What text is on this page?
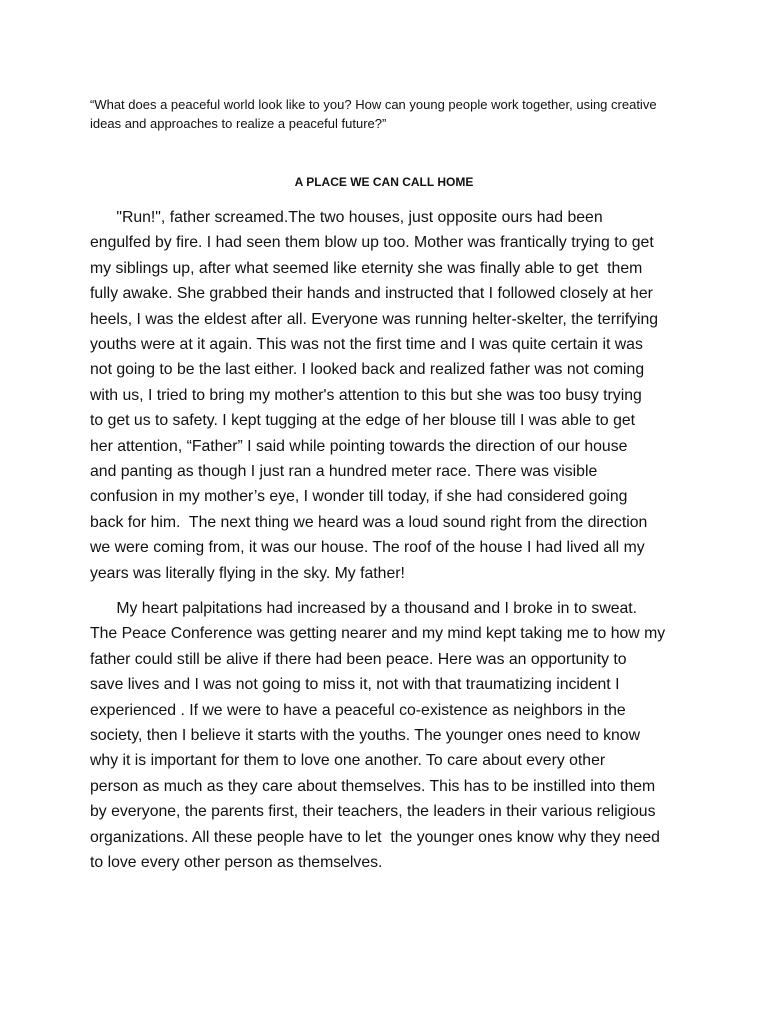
“What does a peaceful world look like to you? How can young people work together, using creative
ideas and approaches to realize a peaceful future?”

A PLACE WE CAN CALL HOME

"Run!", father screamed.The two houses, just opposite ours had been
engulfed by fire. I had seen them blow up too. Mother was frantically trying to get
my siblings up, after what seemed like eternity she was finally able to get  them
fully awake. She grabbed their hands and instructed that I followed closely at her
heels, I was the eldest after all. Everyone was running helter-skelter, the terrifying
youths were at it again. This was not the first time and I was quite certain it was
not going to be the last either. I looked back and realized father was not coming
with us, I tried to bring my mother's attention to this but she was too busy trying
to get us to safety. I kept tugging at the edge of her blouse till I was able to get
her attention, “Father” I said while pointing towards the direction of our house
and panting as though I just ran a hundred meter race. There was visible
confusion in my mother’s eye, I wonder till today, if she had considered going
back for him.  The next thing we heard was a loud sound right from the direction
we were coming from, it was our house. The roof of the house I had lived all my
years was literally flying in the sky. My father!

My heart palpitations had increased by a thousand and I broke in to sweat.
The Peace Conference was getting nearer and my mind kept taking me to how my
father could still be alive if there had been peace. Here was an opportunity to
save lives and I was not going to miss it, not with that traumatizing incident I
experienced . If we were to have a peaceful co-existence as neighbors in the
society, then I believe it starts with the youths. The younger ones need to know
why it is important for them to love one another. To care about every other
person as much as they care about themselves. This has to be instilled into them
by everyone, the parents first, their teachers, the leaders in their various religious
organizations. All these people have to let  the younger ones know why they need
to love every other person as themselves.
